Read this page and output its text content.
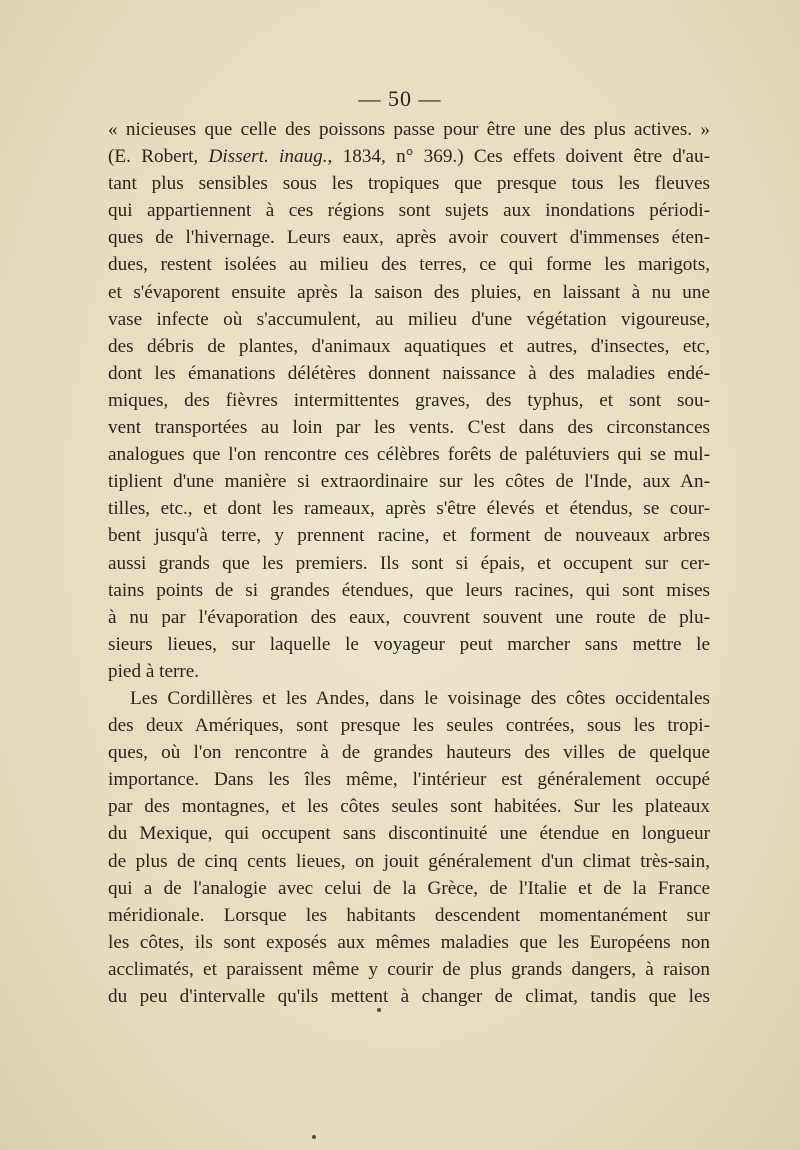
— 50 —
« nicieuses que celle des poissons passe pour être une des plus actives. »
(E. Robert, Dissert. inaug., 1834, n° 369.) Ces effets doivent être d'au-
tant plus sensibles sous les tropiques que presque tous les fleuves
qui appartiennent à ces régions sont sujets aux inondations périodi-
ques de l'hivernage. Leurs eaux, après avoir couvert d'immenses éten-
dues, restent isolées au milieu des terres, ce qui forme les marigots,
et s'évaporent ensuite après la saison des pluies, en laissant à nu une
vase infecte où s'accumulent, au milieu d'une végétation vigoureuse,
des débris de plantes, d'animaux aquatiques et autres, d'insectes, etc,
dont les émanations délétères donnent naissance à des maladies endé-
miques, des fièvres intermittentes graves, des typhus, et sont sou-
vent transportées au loin par les vents. C'est dans des circonstances
analogues que l'on rencontre ces célèbres forêts de palétuviers qui se mul-
tiplient d'une manière si extraordinaire sur les côtes de l'Inde, aux An-
tilles, etc., et dont les rameaux, après s'être élevés et étendus, se cour-
bent jusqu'à terre, y prennent racine, et forment de nouveaux arbres
aussi grands que les premiers. Ils sont si épais, et occupent sur cer-
tains points de si grandes étendues, que leurs racines, qui sont mises
à nu par l'évaporation des eaux, couvrent souvent une route de plu-
sieurs lieues, sur laquelle le voyageur peut marcher sans mettre le
pied à terre.
Les Cordillères et les Andes, dans le voisinage des côtes occidentales
des deux Amériques, sont presque les seules contrées, sous les tropi-
ques, où l'on rencontre à de grandes hauteurs des villes de quelque
importance. Dans les îles même, l'intérieur est généralement occupé
par des montagnes, et les côtes seules sont habitées. Sur les plateaux
du Mexique, qui occupent sans discontinuité une étendue en longueur
de plus de cinq cents lieues, on jouit généralement d'un climat très-sain,
qui a de l'analogie avec celui de la Grèce, de l'Italie et de la France
méridionale. Lorsque les habitants descendent momentanément sur
les côtes, ils sont exposés aux mêmes maladies que les Européens non
acclimatés, et paraissent même y courir de plus grands dangers, à raison
du peu d'intervalle qu'ils mettent à changer de climat, tandis que les
